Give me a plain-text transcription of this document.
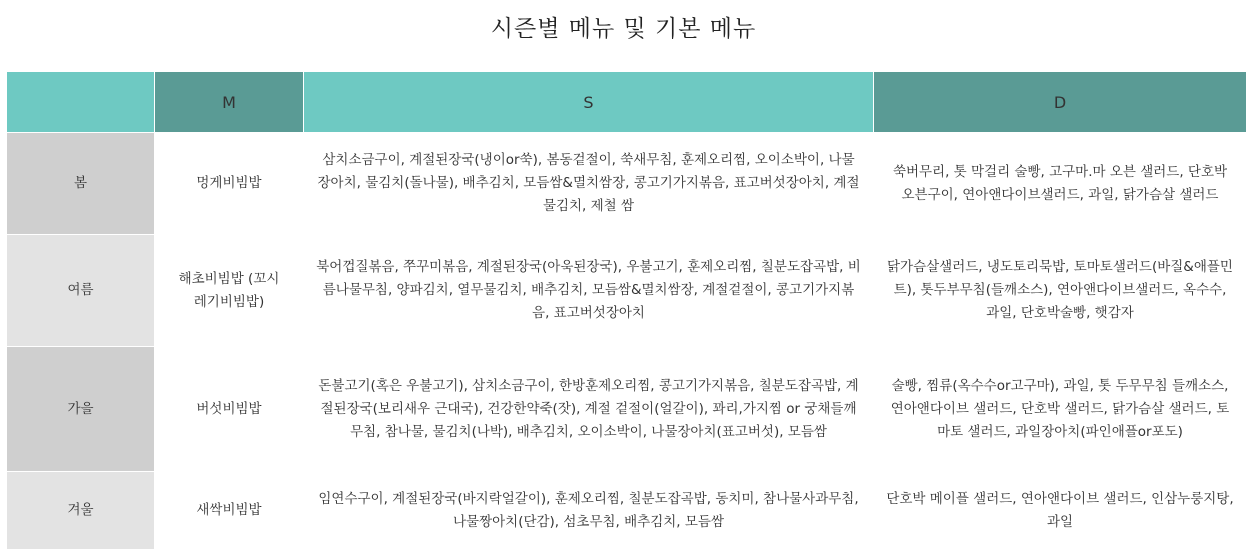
시즌별 메뉴 및 기본 메뉴
	M	S	D
봄	멍게비빔밥	삼치소금구이, 계절된장국(냉이or쑥), 봄동겉절이, 쑥새무침, 훈제오리찜, 오이소박이, 나물장아치, 물김치(돌나물), 배추김치, 모듬쌈&멸치쌈장, 콩고기가지볶음, 표고버섯장아치, 계절 물김치, 제철 쌈	쑥버무리, 톳 막걸리 술빵, 고구마.마 오븐 샐러드, 단호박 오븐구이, 연아앤다이브샐러드, 과일, 닭가슴살 샐러드
여름	해초비빔밥 (꼬시레기비빔밥)	북어껍질볶음, 쭈꾸미볶음, 계절된장국(아욱된장국), 우불고기, 훈제오리찜, 칠분도잡곡밥, 비름나물무침, 양파김치, 열무물김치, 배추김치, 모듬쌈&멸치쌈장, 계절겉절이, 콩고기가지볶음, 표고버섯장아치	닭가슴살샐러드, 냉도토리묵밥, 토마토샐러드(바질&애플민트), 톳두부무침(들깨소스), 연아앤다이브샐러드, 옥수수, 과일, 단호박술빵, 햇감자
가을	버섯비빔밥	돈불고기(혹은 우불고기), 삼치소금구이, 한방훈제오리찜, 콩고기가지볶음, 칠분도잡곡밥, 계절된장국(보리새우 근대국), 건강한약죽(잣), 계절 겉절이(얼갈이), 꽈리,가지찜 or 궁채들깨무침, 참나물, 물김치(나박), 배추김치, 오이소박이, 나물장아치(표고버섯), 모듬쌈	술빵, 찜류(옥수수or고구마), 과일, 톳 두무무침 들깨소스, 연아앤다이브 샐러드, 단호박 샐러드, 닭가슴살 샐러드, 토마토 샐러드, 과일장아치(파인애플or포도)
겨울	새싹비빔밥	임연수구이, 계절된장국(바지락얼갈이), 훈제오리찜, 칠분도잡곡밥, 동치미, 참나물사과무침, 나물짱아치(단감), 섬초무침, 배추김치, 모듬쌈	단호박 메이플 샐러드, 연아앤다이브 샐러드, 인삼누룽지탕, 과일
